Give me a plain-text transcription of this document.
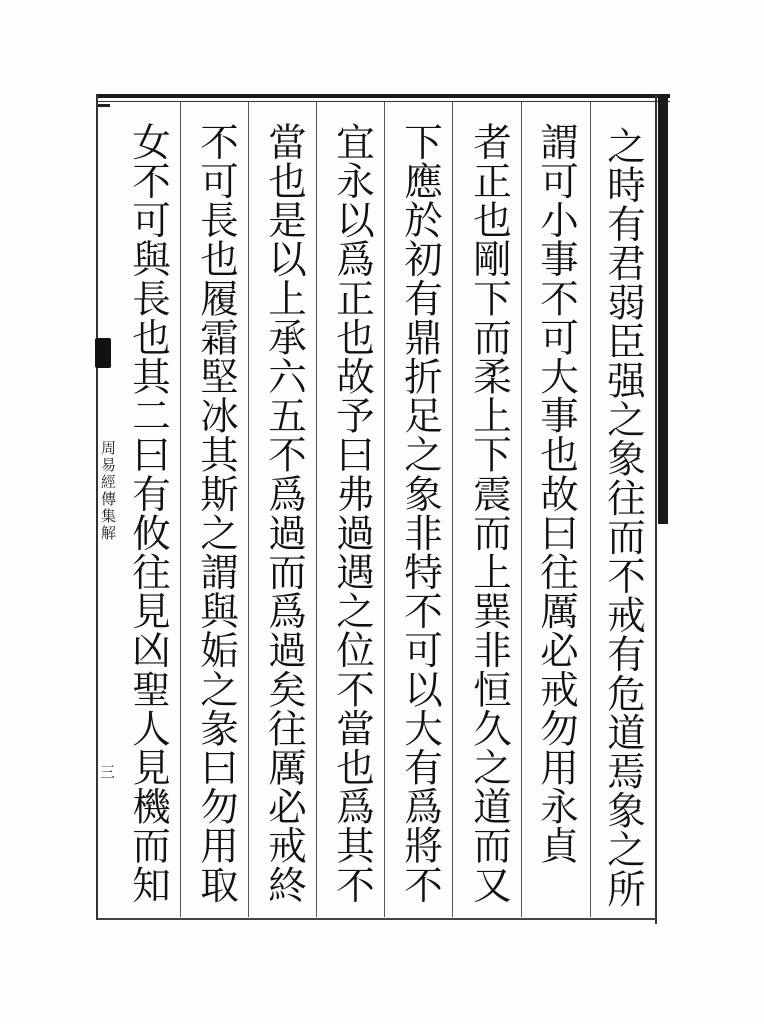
周易經傳集解
三	之時有君弱臣强之象往而不戒有危道焉象之所
謂可小事不可大事也故曰往厲必戒勿用永貞
者正也剛下而柔上下震而上巽非恒久之道而又
下應於初有鼎折足之象非特不可以大有爲將不
宜永以爲正也故予曰弗過遇之位不當也爲其不
當也是以上承六五不爲過而爲過矣往厲必戒終
不可長也履霜堅冰其斯之謂與姤之彖曰勿用取
女不可與長也其二曰有攸往見凶聖人見機而知
